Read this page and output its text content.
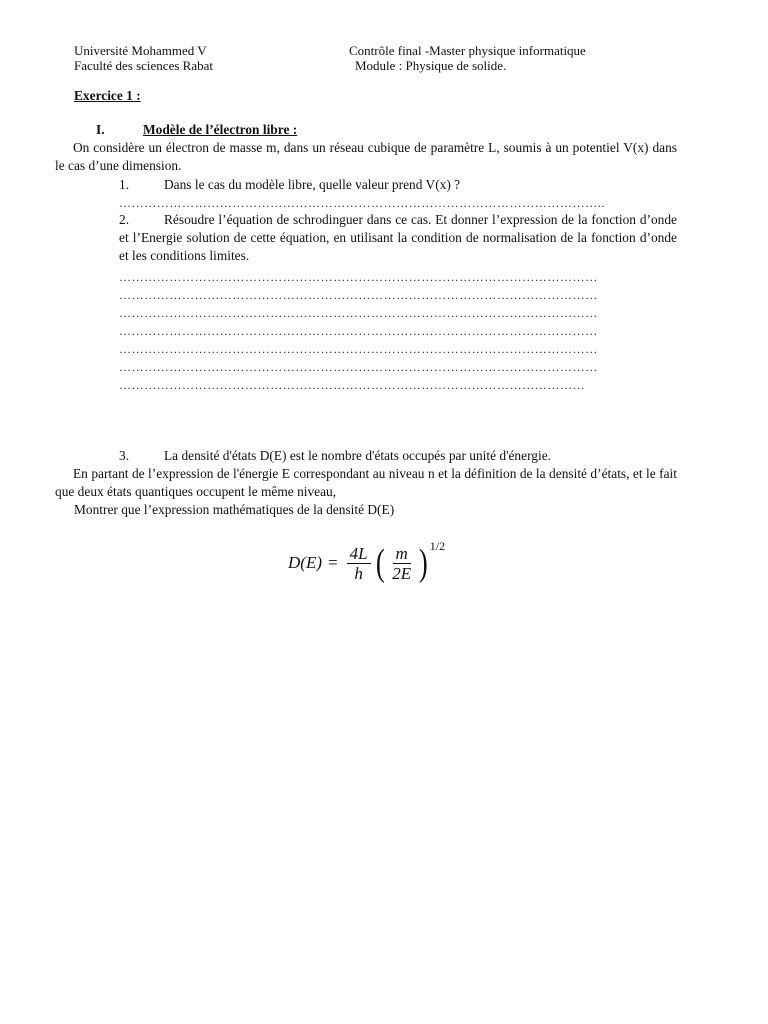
Université Mohammed V
Faculté des sciences Rabat
Contrôle final -Master physique informatique
Module : Physique de solide.
Exercice 1 :
I.	Modèle de l’électron libre :
On considère un électron de masse m, dans un réseau cubique de paramètre L, soumis à un potentiel V(x) dans le cas d’une dimension.
1.	Dans le cas du modèle libre, quelle valeur prend V(x) ?
……………………………………………………………………………………………………..
2.	Résoudre l’équation de schrodinguer dans ce cas. Et donner l’expression de la fonction d’onde et l’Energie solution de cette équation, en utilisant la condition de normalisation de la fonction d’onde et les conditions limites.
……………………………………………………………………………………………………
……………………………………………………………………………………………………
……………………………………………………………………………………………………
……………………………………………………………………………………………………
……………………………………………………………………………………………………
……………………………………………………………………………………………………
…………………………………………………………………………………………………
3.	La densité d'états D(E) est le nombre d'états occupés par unité d'énergie.
En partant de l’expression de l'énergie E correspondant au niveau n et la définition de la densité d’états, et le fait que deux états quantiques occupent le même niveau,
Montrer que l’expression mathématiques de la densité D(E)
$D(E) = \frac{4L}{h}$ ( $\frac{m}{2E}$ ) 1/2
